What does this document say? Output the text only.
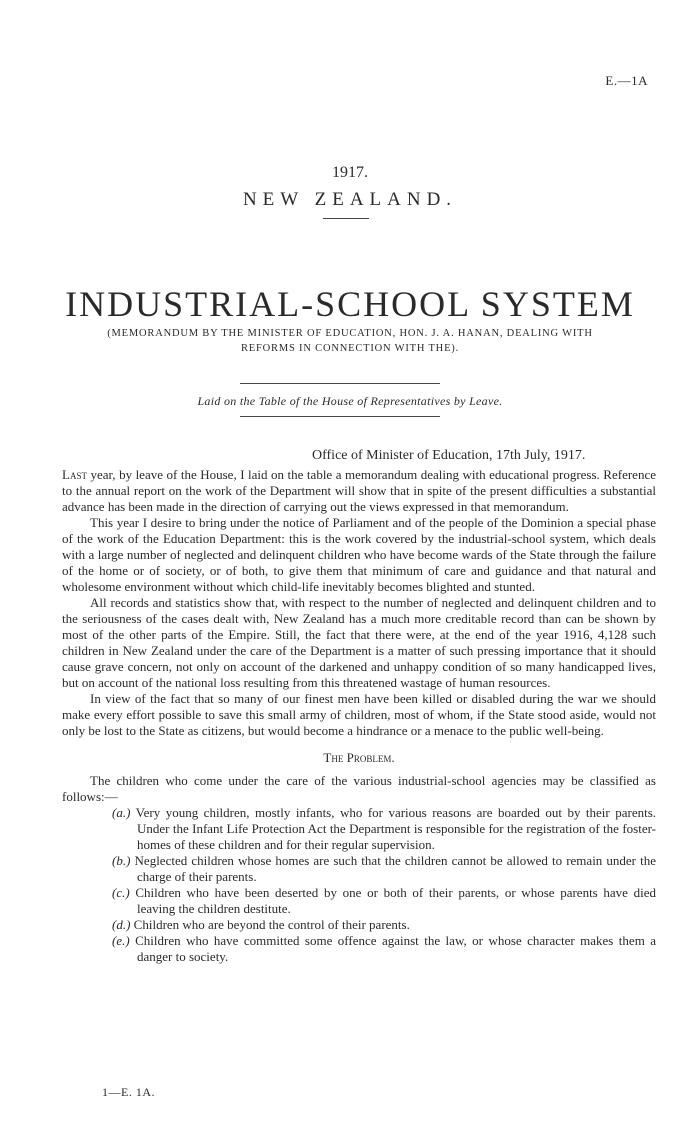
E.—1A
1917.
NEW ZEALAND.
INDUSTRIAL-SCHOOL SYSTEM
(MEMORANDUM BY THE MINISTER OF EDUCATION, HON. J. A. HANAN, DEALING WITH REFORMS IN CONNECTION WITH THE).
Laid on the Table of the House of Representatives by Leave.
Office of Minister of Education, 17th July, 1917.

Last year, by leave of the House, I laid on the table a memorandum dealing with educational progress. Reference to the annual report on the work of the Department will show that in spite of the present difficulties a substantial advance has been made in the direction of carrying out the views expressed in that memorandum.

This year I desire to bring under the notice of Parliament and of the people of the Dominion a special phase of the work of the Education Department: this is the work covered by the industrial-school system, which deals with a large number of neglected and delinquent children who have become wards of the State through the failure of the home or of society, or of both, to give them that minimum of care and guidance and that natural and wholesome environment without which child-life inevitably becomes blighted and stunted.

All records and statistics show that, with respect to the number of neglected and delinquent children and to the seriousness of the cases dealt with, New Zealand has a much more creditable record than can be shown by most of the other parts of the Empire. Still, the fact that there were, at the end of the year 1916, 4,128 such children in New Zealand under the care of the Department is a matter of such pressing importance that it should cause grave concern, not only on account of the darkened and unhappy condition of so many handicapped lives, but on account of the national loss resulting from this threatened wastage of human resources.

In view of the fact that so many of our finest men have been killed or disabled during the war we should make every effort possible to save this small army of children, most of whom, if the State stood aside, would not only be lost to the State as citizens, but would become a hindrance or a menace to the public well-being.

The Problem.

The children who come under the care of the various industrial-school agencies may be classified as follows:—

(a.) Very young children, mostly infants, who for various reasons are boarded out by their parents. Under the Infant Life Protection Act the Department is responsible for the registration of the foster-homes of these children and for their regular supervision.
(b.) Neglected children whose homes are such that the children cannot be allowed to remain under the charge of their parents.
(c.) Children who have been deserted by one or both of their parents, or whose parents have died leaving the children destitute.
(d.) Children who are beyond the control of their parents.
(e.) Children who have committed some offence against the law, or whose character makes them a danger to society.
1—E. 1A.
